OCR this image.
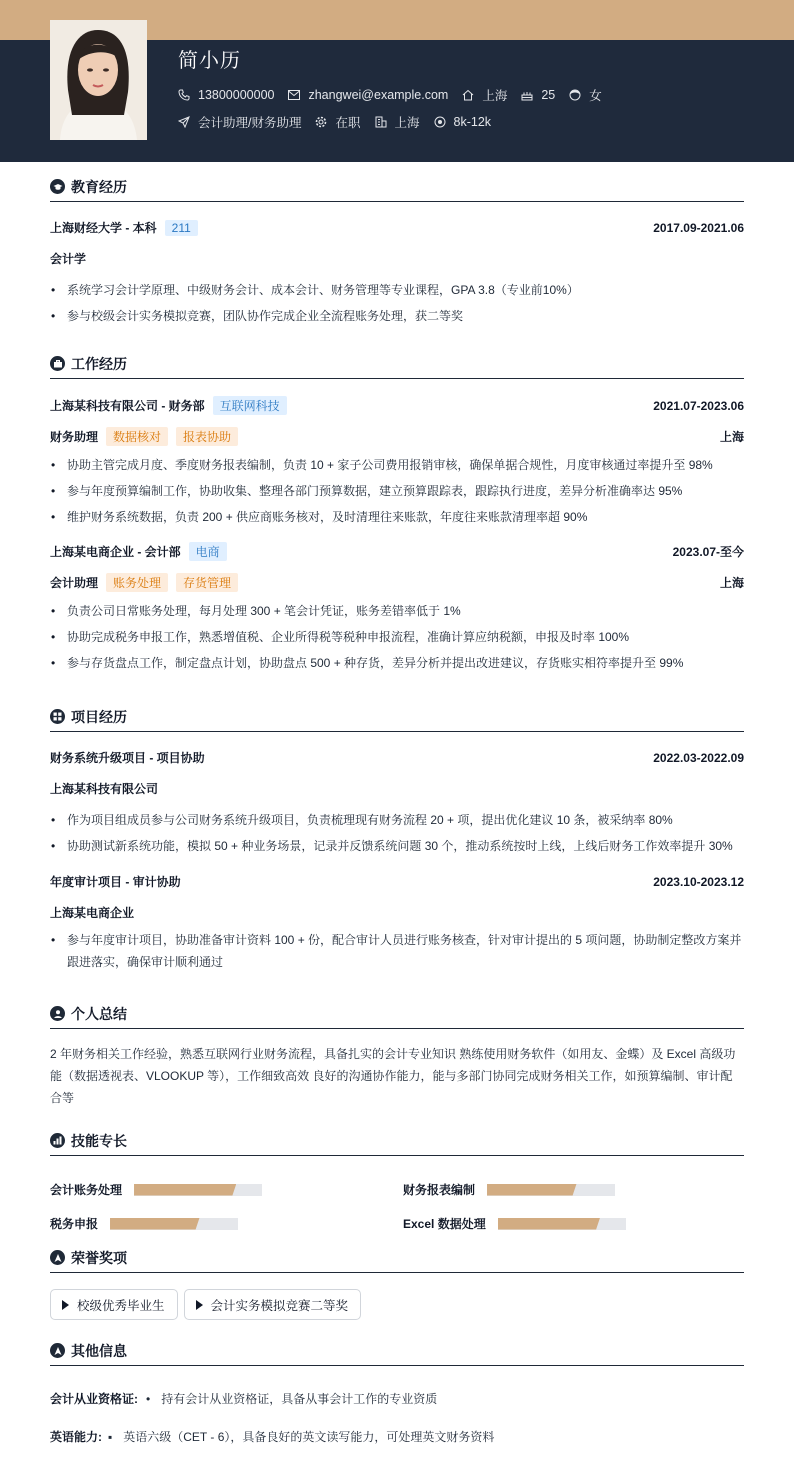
简小历
13800000000	zhangwei@example.com	上海	25	女
会计助理/财务助理	在职	上海	8k-12k
教育经历
上海财经大学 - 本科 211	2017.09-2021.06
会计学
• 系统学习会计学原理、中级财务会计、成本会计、财务管理等专业课程，GPA 3.8（专业前10%）
• 参与校级会计实务模拟竞赛，团队协作完成企业全流程账务处理，获二等奖
工作经历
上海某科技有限公司 - 财务部 互联网科技	2021.07-2023.06
财务助理 数据核对 报表协助	上海
• 协助主管完成月度、季度财务报表编制，负责 10 + 家子公司费用报销审核，确保单据合规性，月度审核通过率提升至 98%
• 参与年度预算编制工作，协助收集、整理各部门预算数据，建立预算跟踪表，跟踪执行进度，差异分析准确率达 95%
• 维护财务系统数据，负责 200 + 供应商账务核对，及时清理往来账款，年度往来账款清理率超 90%
上海某电商企业 - 会计部 电商	2023.07-至今
会计助理 账务处理 存货管理	上海
• 负责公司日常账务处理，每月处理 300 + 笔会计凭证，账务差错率低于 1%
• 协助完成税务申报工作，熟悉增值税、企业所得税等税种申报流程，准确计算应纳税额，申报及时率 100%
• 参与存货盘点工作，制定盘点计划，协助盘点 500 + 种存货，差异分析并提出改进建议，存货账实相符率提升至 99%
项目经历
财务系统升级项目 - 项目协助	2022.03-2022.09
上海某科技有限公司
• 作为项目组成员参与公司财务系统升级项目，负责梳理现有财务流程 20 + 项，提出优化建议 10 条，被采纳率 80%
• 协助测试新系统功能，模拟 50 + 种业务场景，记录并反馈系统问题 30 个，推动系统按时上线，上线后财务工作效率提升 30%
年度审计项目 - 审计协助	2023.10-2023.12
上海某电商企业
• 参与年度审计项目，协助准备审计资料 100 + 份，配合审计人员进行账务核查，针对审计提出的 5 项问题，协助制定整改方案并跟进落实，确保审计顺利通过
个人总结
2 年财务相关工作经验，熟悉互联网行业财务流程，具备扎实的会计专业知识 熟练使用财务软件（如用友、金蝶）及 Excel 高级功能（数据透视表、VLOOKUP 等），工作细致高效 良好的沟通协作能力，能与多部门协同完成财务相关工作，如预算编制、审计配合等
技能专长
会计账务处理	财务报表编制
税务申报	Excel 数据处理
荣誉奖项
校级优秀毕业生	会计实务模拟竞赛二等奖
其他信息
会计从业资格证: • 持有会计从业资格证，具备从事会计工作的专业资质
英语能力: ▪ 英语六级（CET - 6），具备良好的英文读写能力，可处理英文财务资料
